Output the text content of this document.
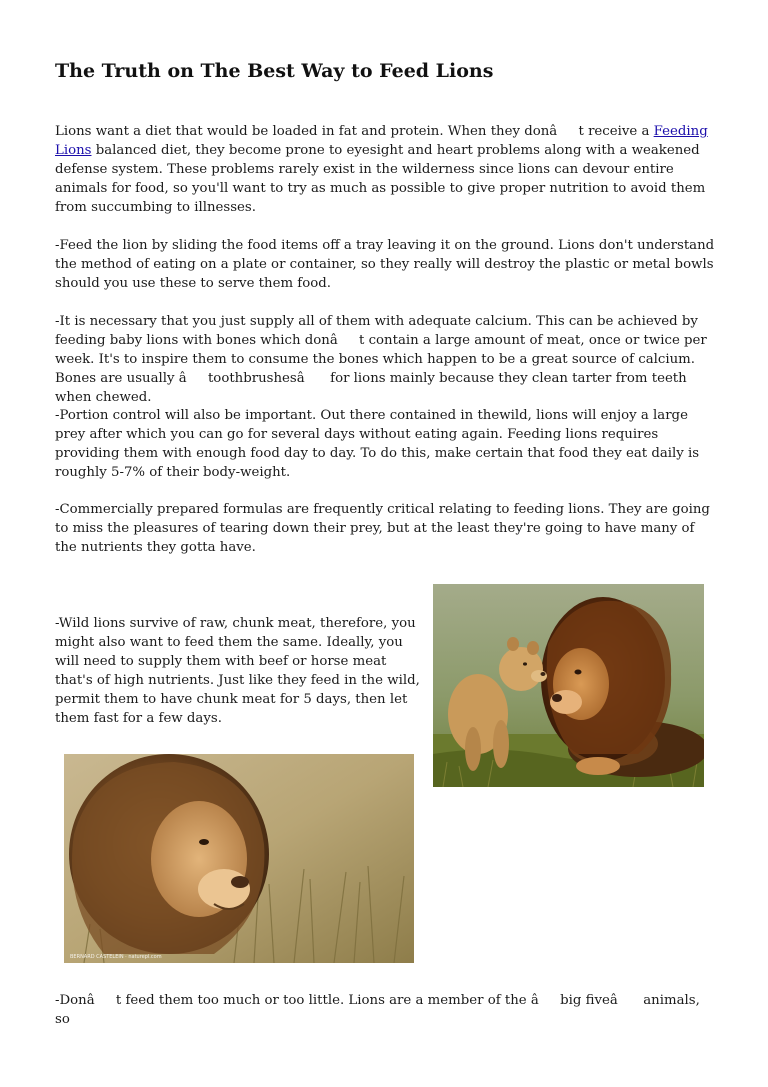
The Truth on The Best Way to Feed Lions

Lions want a diet that would be loaded in fat and protein. When they donât receive a Feeding Lions balanced diet, they become prone to eyesight and heart problems along with a weakened defense system. These problems rarely exist in the wilderness since lions can devour entire animals for food, so you'll want to try as much as possible to give proper nutrition to avoid them from succumbing to illnesses.

-Feed the lion by sliding the food items off a tray leaving it on the ground. Lions don't understand the method of eating on a plate or container, so they really will destroy the plastic or metal bowls should you use these to serve them food.

-It is necessary that you just supply all of them with adequate calcium. This can be achieved by feeding baby lions with bones which donât contain a large amount of meat, once or twice per week. It's to inspire them to consume the bones which happen to be a great source of calcium. Bones are usually âtoothbrushesâ for lions mainly because they clean tarter from teeth when chewed.

-Portion control will also be important. Out there contained in thewild, lions will enjoy a large prey after which you can go for several days without eating again. Feeding lions requires providing them with enough food day to day. To do this, make certain that food they eat daily is roughly 5-7% of their body-weight.

-Commercially prepared formulas are frequently critical relating to feeding lions. They are going to miss the pleasures of tearing down their prey, but at the least they're going to have many of the nutrients they gotta have.

-Wild lions survive of raw, chunk meat, therefore, you might also want to feed them the same. Ideally, you will need to supply them with beef or horse meat that's of high nutrients. Just like they feed in the wild, permit them to have chunk meat for 5 days, then let them fast for a few days.

BERNARD CASTELEIN · naturepl.com

-Donât feed them too much or too little. Lions are a member of the âbig fiveâ animals, so
